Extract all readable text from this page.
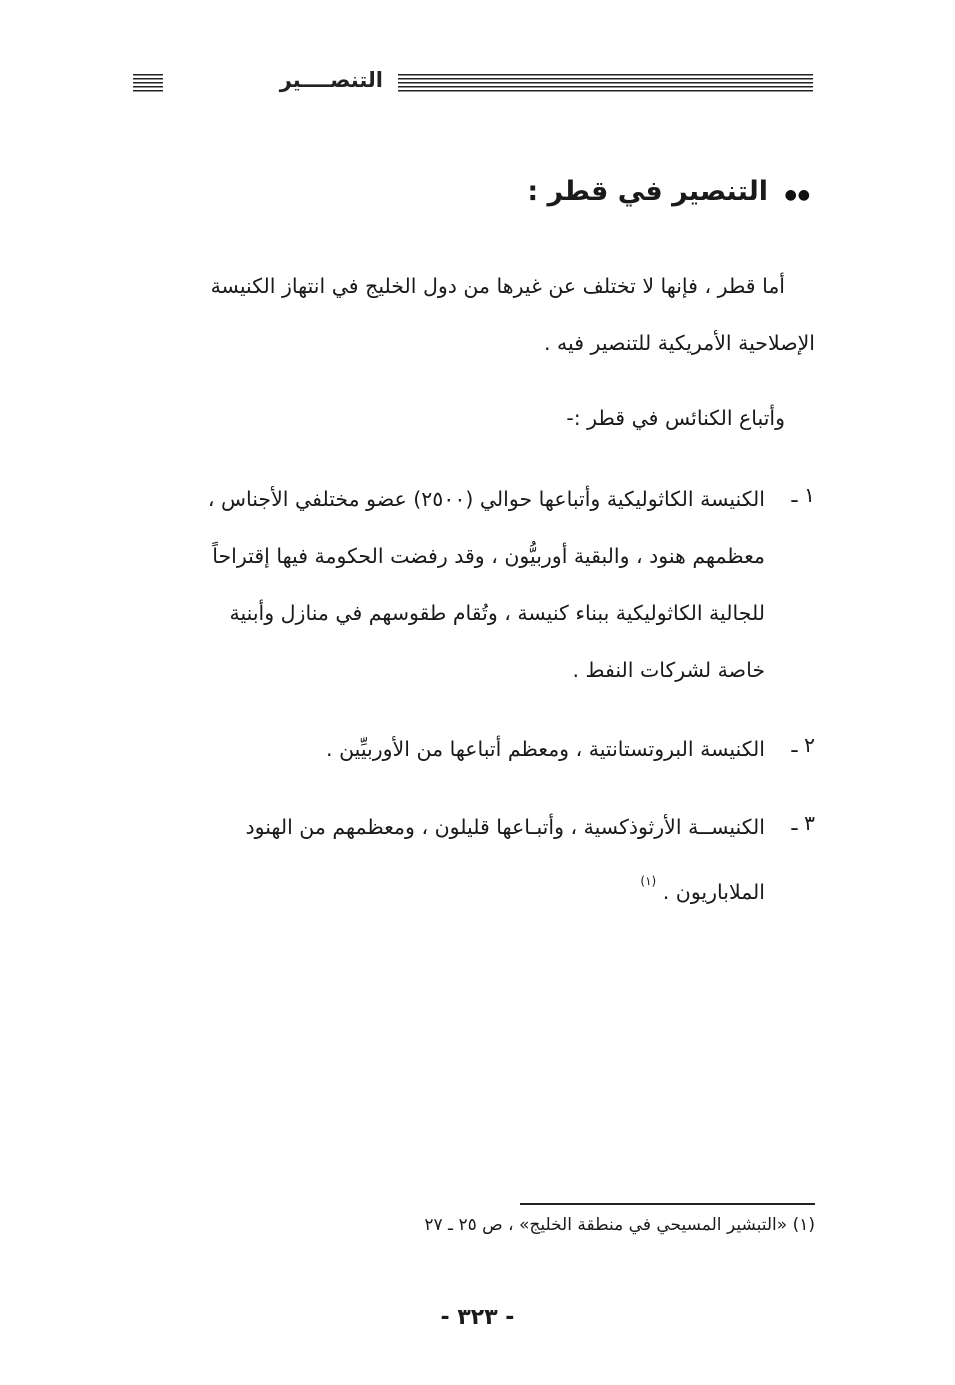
التنصــــير
●●
التنصير في قطر :
أما قطر ، فإنها لا تختلف عن غيرها من دول الخليج في انتهاز الكنيسة
الإصلاحية الأمريكية للتنصير فيه .
وأتباع الكنائس في قطر :-
١ ـ
الكنيسة الكاثوليكية وأتباعها حوالي (٢٥٠٠) عضو مختلفي الأجناس ،
معظمهم هنود ، والبقية أوربيُّون ، وقد رفضت الحكومة فيها إقتراحاً
للجالية الكاثوليكية ببناء كنيسة ، وتُقام طقوسهم في منازل وأبنية
خاصة لشركات النفط .
٢ ـ
الكنيسة البروتستانتية ، ومعظم أتباعها من الأوربيِّين .
٣ ـ
الكنيســة الأرثوذكسية ، وأتبـاعها قليلون ، ومعظمهم من الهنود
الملاباريون . $^{(١)}$
(١) «التبشير المسيحي في منطقة الخليج» ، ص ٢٥ ـ ٢٧
- ٣٢٣ -
